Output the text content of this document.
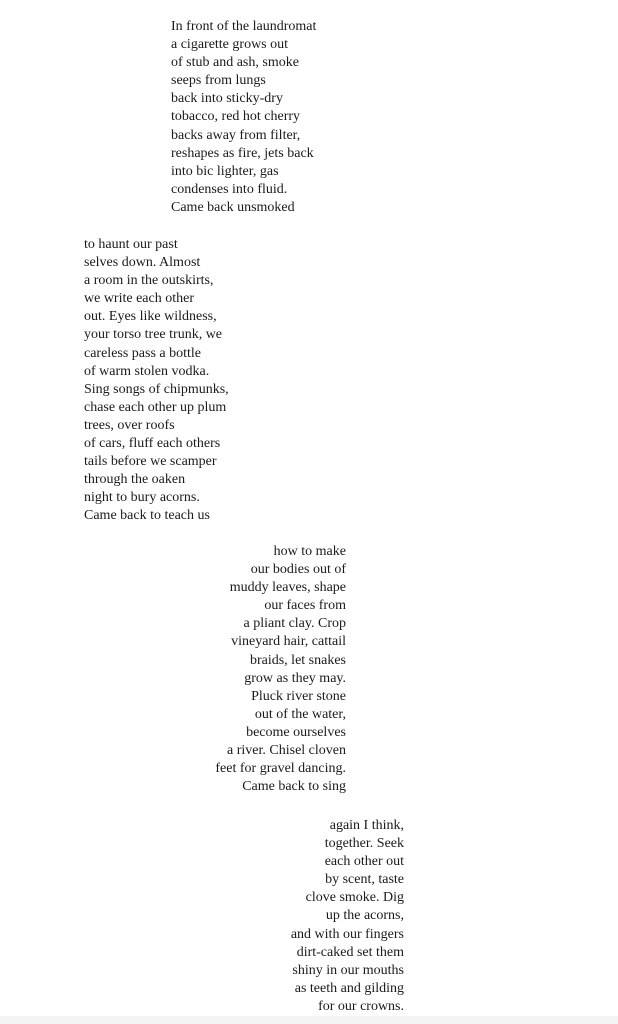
In front of the laundromat
a cigarette grows out
of stub and ash, smoke
seeps from lungs
back into sticky-dry
tobacco, red hot cherry
backs away from filter,
reshapes as fire, jets back
into bic lighter, gas
condenses into fluid.
Came back unsmoked
to haunt our past
selves down. Almost
a room in the outskirts,
we write each other
out. Eyes like wildness,
your torso tree trunk, we
careless pass a bottle
of warm stolen vodka.
Sing songs of chipmunks,
chase each other up plum
trees, over roofs
of cars, fluff each others
tails before we scamper
through the oaken
night to bury acorns.
Came back to teach us
how to make
our bodies out of
muddy leaves, shape
our faces from
a pliant clay. Crop
vineyard hair, cattail
braids, let snakes
grow as they may.
Pluck river stone
out of the water,
become ourselves
a river. Chisel cloven
feet for gravel dancing.
Came back to sing
again I think,
together. Seek
each other out
by scent, taste
clove smoke. Dig
up the acorns,
and with our fingers
dirt-caked set them
shiny in our mouths
as teeth and gilding
for our crowns.
